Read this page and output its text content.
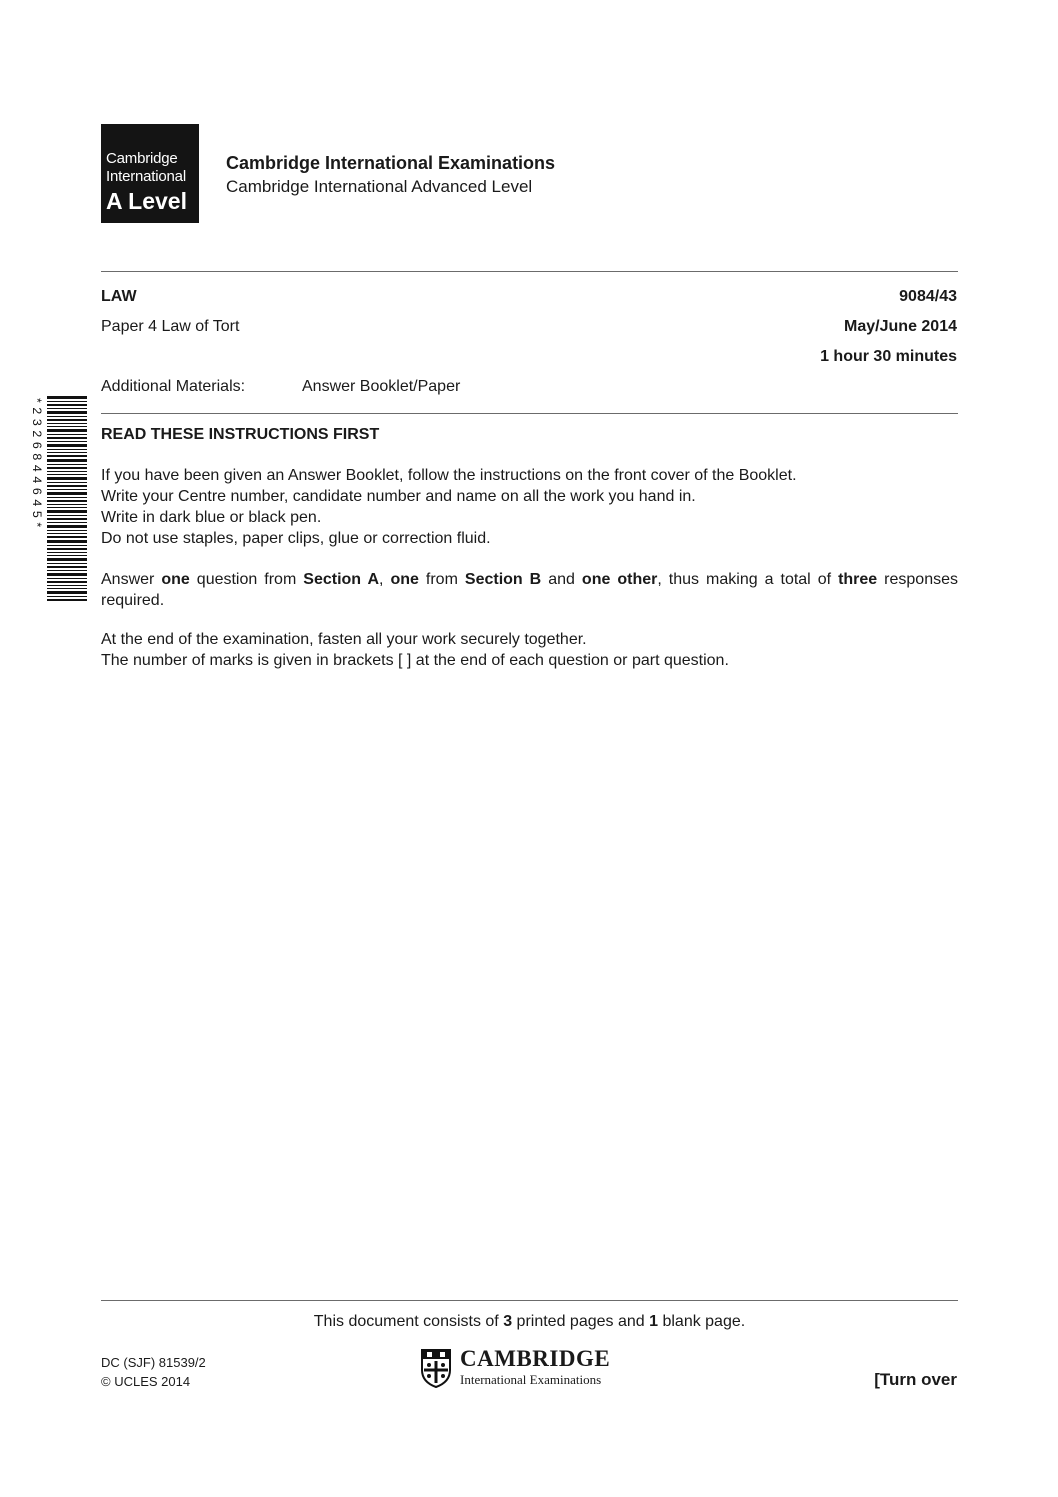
Cambridge
International
A Level
Cambridge International Examinations
Cambridge International Advanced Level
LAW	9084/43
Paper 4 Law of Tort	May/June 2014
1 hour 30 minutes
Additional Materials:	Answer Booklet/Paper
*2326844645*	READ THESE INSTRUCTIONS FIRST

If you have been given an Answer Booklet, follow the instructions on the front cover of the Booklet.

Write your Centre number, candidate number and name on all the work you hand in.

Write in dark blue or black pen.

Do not use staples, paper clips, glue or correction fluid.

Answer one question from Section A, one from Section B and one other, thus making a total of three responses required.

At the end of the examination, fasten all your work securely together.

The number of marks is given in brackets [ ] at the end of each question or part question.

This document consists of 3 printed pages and 1 blank page.
DC (SJF) 81539/2
© UCLES 2014
CAMBRIDGE
International Examinations	[Turn over
